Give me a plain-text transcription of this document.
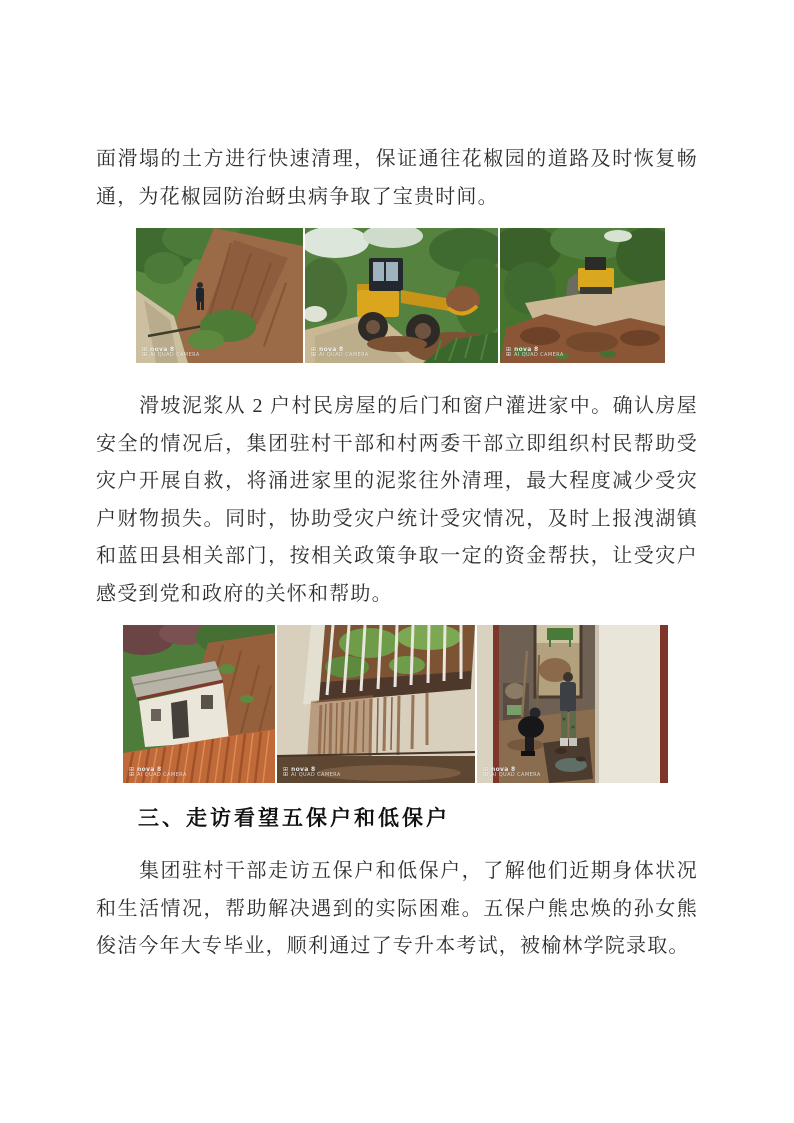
面滑塌的土方进行快速清理，保证通往花椒园的道路及时恢复畅通，为花椒园防治蚜虫病争取了宝贵时间。

⊞
⊞
nova 8
AI QUAD CAMERA
⊞
⊞
nova 8
AI QUAD CAMERA
⊞
⊞
nova 8
AI QUAD CAMERA

滑坡泥浆从 2 户村民房屋的后门和窗户灌进家中。确认房屋安全的情况后，集团驻村干部和村两委干部立即组织村民帮助受灾户开展自救，将涌进家里的泥浆往外清理，最大程度减少受灾户财物损失。同时，协助受灾户统计受灾情况，及时上报洩湖镇和蓝田县相关部门，按相关政策争取一定的资金帮扶，让受灾户感受到党和政府的关怀和帮助。

⊞
⊞
nova 8
AI QUAD CAMERA
⊞
⊞
nova 8
AI QUAD CAMERA
⊞
⊞
nova 8
AI QUAD CAMERA
三、走访看望五保户和低保户

集团驻村干部走访五保户和低保户，了解他们近期身体状况和生活情况，帮助解决遇到的实际困难。五保户熊忠焕的孙女熊俊洁今年大专毕业，顺利通过了专升本考试，被榆林学院录取。
